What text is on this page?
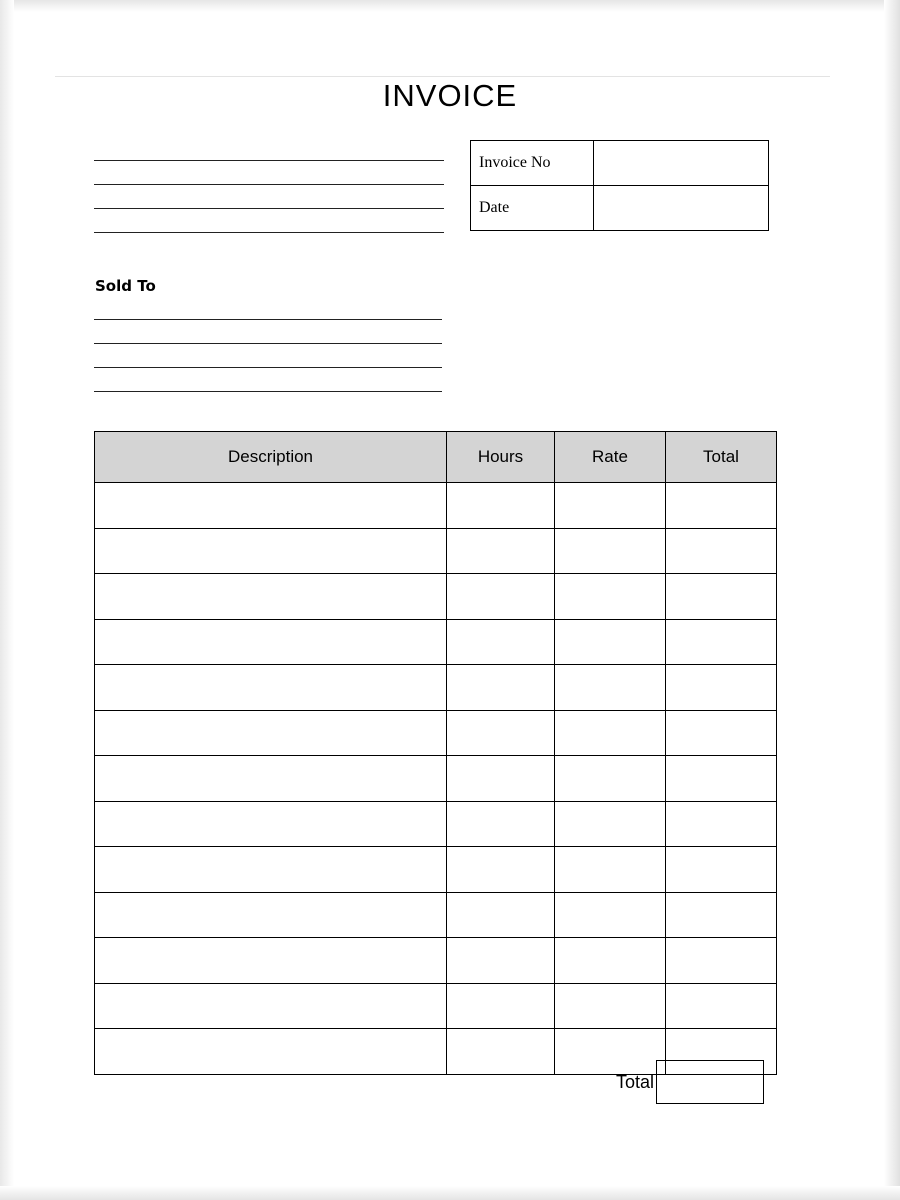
INVOICE
Invoice No	
Date	
Sold To
Description	Hours	Rate	Total

Total
